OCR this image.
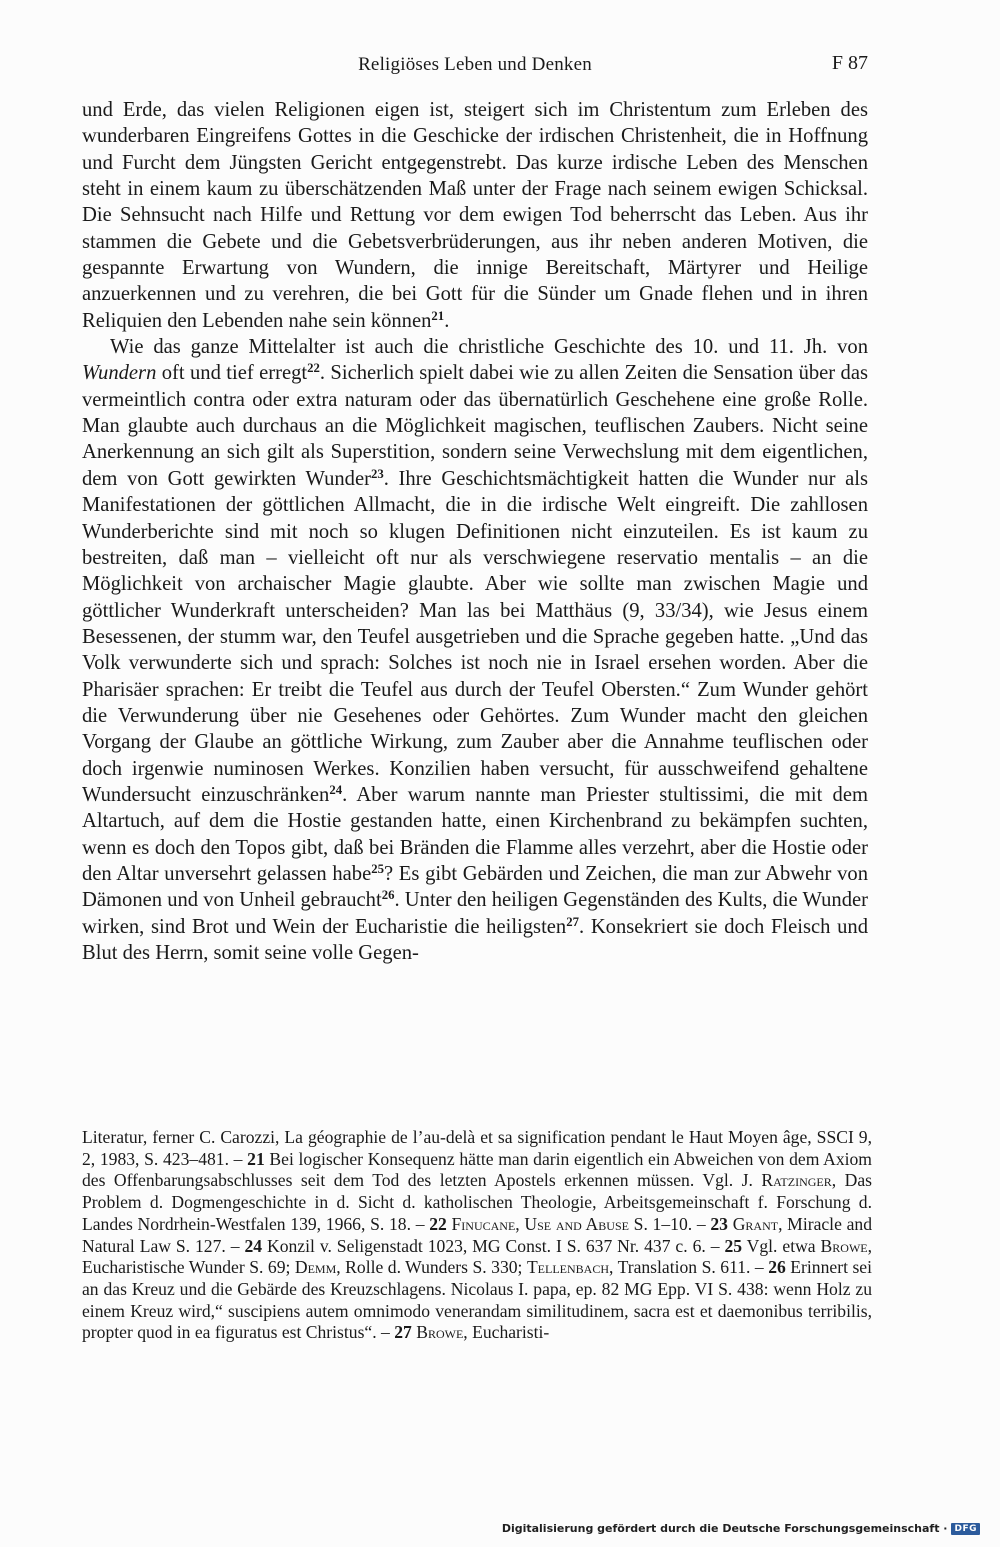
Religiöses Leben und Denken	F 87

und Erde, das vielen Religionen eigen ist, steigert sich im Christentum zum Erleben des wunderbaren Eingreifens Gottes in die Geschicke der irdischen Christenheit, die in Hoffnung und Furcht dem Jüngsten Gericht entgegenstrebt. Das kurze irdische Leben des Menschen steht in einem kaum zu überschätzenden Maß unter der Frage nach seinem ewigen Schicksal. Die Sehnsucht nach Hilfe und Rettung vor dem ewigen Tod beherrscht das Leben. Aus ihr stammen die Gebete und die Gebetsverbrüderungen, aus ihr neben anderen Motiven, die gespannte Erwartung von Wundern, die innige Bereitschaft, Märtyrer und Heilige anzuerkennen und zu verehren, die bei Gott für die Sünder um Gnade flehen und in ihren Reliquien den Lebenden nahe sein können$^{21}$.

Wie das ganze Mittelalter ist auch die christliche Geschichte des 10. und 11. Jh. von Wundern oft und tief erregt$^{22}$. Sicherlich spielt dabei wie zu allen Zeiten die Sensation über das vermeintlich contra oder extra naturam oder das übernatürlich Geschehene eine große Rolle. Man glaubte auch durchaus an die Möglichkeit magischen, teuflischen Zaubers. Nicht seine Anerkennung an sich gilt als Superstition, sondern seine Verwechslung mit dem eigentlichen, dem von Gott gewirkten Wunder$^{23}$. Ihre Geschichtsmächtigkeit hatten die Wunder nur als Manifestationen der göttlichen Allmacht, die in die irdische Welt eingreift. Die zahllosen Wunderberichte sind mit noch so klugen Definitionen nicht einzuteilen. Es ist kaum zu bestreiten, daß man – vielleicht oft nur als verschwiegene reservatio mentalis – an die Möglichkeit von archaischer Magie glaubte. Aber wie sollte man zwischen Magie und göttlicher Wunderkraft unterscheiden? Man las bei Matthäus (9, 33/34), wie Jesus einem Besessenen, der stumm war, den Teufel ausgetrieben und die Sprache gegeben hatte. „Und das Volk verwunderte sich und sprach: Solches ist noch nie in Israel ersehen worden. Aber die Pharisäer sprachen: Er treibt die Teufel aus durch der Teufel Obersten.“ Zum Wunder gehört die Verwunderung über nie Gesehenes oder Gehörtes. Zum Wunder macht den gleichen Vorgang der Glaube an göttliche Wirkung, zum Zauber aber die Annahme teuflischen oder doch irgenwie numinosen Werkes. Konzilien haben versucht, für ausschweifend gehaltene Wundersucht einzuschränken$^{24}$. Aber warum nannte man Priester stultissimi, die mit dem Altartuch, auf dem die Hostie gestanden hatte, einen Kirchenbrand zu bekämpfen suchten, wenn es doch den Topos gibt, daß bei Bränden die Flamme alles verzehrt, aber die Hostie oder den Altar unversehrt gelassen habe$^{25}$? Es gibt Gebärden und Zeichen, die man zur Abwehr von Dämonen und von Unheil gebraucht$^{26}$. Unter den heiligen Gegenständen des Kults, die Wunder wirken, sind Brot und Wein der Eucharistie die heiligsten$^{27}$. Konsekriert sie doch Fleisch und Blut des Herrn, somit seine volle Gegen-

Literatur, ferner C. Carozzi, La géographie de l’au-delà et sa signification pendant le Haut Moyen âge, SSCI 9, 2, 1983, S. 423–481. – 21 Bei logischer Konsequenz hätte man darin eigentlich ein Abweichen von dem Axiom des Offenbarungsabschlusses seit dem Tod des letzten Apostels erkennen müssen. Vgl. J. Ratzinger, Das Problem d. Dogmengeschichte in d. Sicht d. katholischen Theologie, Arbeitsgemeinschaft f. Forschung d. Landes Nordrhein-Westfalen 139, 1966, S. 18. – 22 Finucane, Use and Abuse S. 1–10. – 23 Grant, Miracle and Natural Law S. 127. – 24 Konzil v. Seligenstadt 1023, MG Const. I S. 637 Nr. 437 c. 6. – 25 Vgl. etwa Browe, Eucharistische Wunder S. 69; Demm, Rolle d. Wunders S. 330; Tellenbach, Translation S. 611. – 26 Erinnert sei an das Kreuz und die Gebärde des Kreuzschlagens. Nicolaus I. papa, ep. 82 MG Epp. VI S. 438: wenn Holz zu einem Kreuz wird,“ suscipiens autem omnimodo venerandam similitudinem, sacra est et daemonibus terribilis, propter quod in ea figuratus est Christus“. – 27 Browe, Eucharisti-

Digitalisierung gefördert durch die Deutsche Forschungsgemeinschaft · DFG
